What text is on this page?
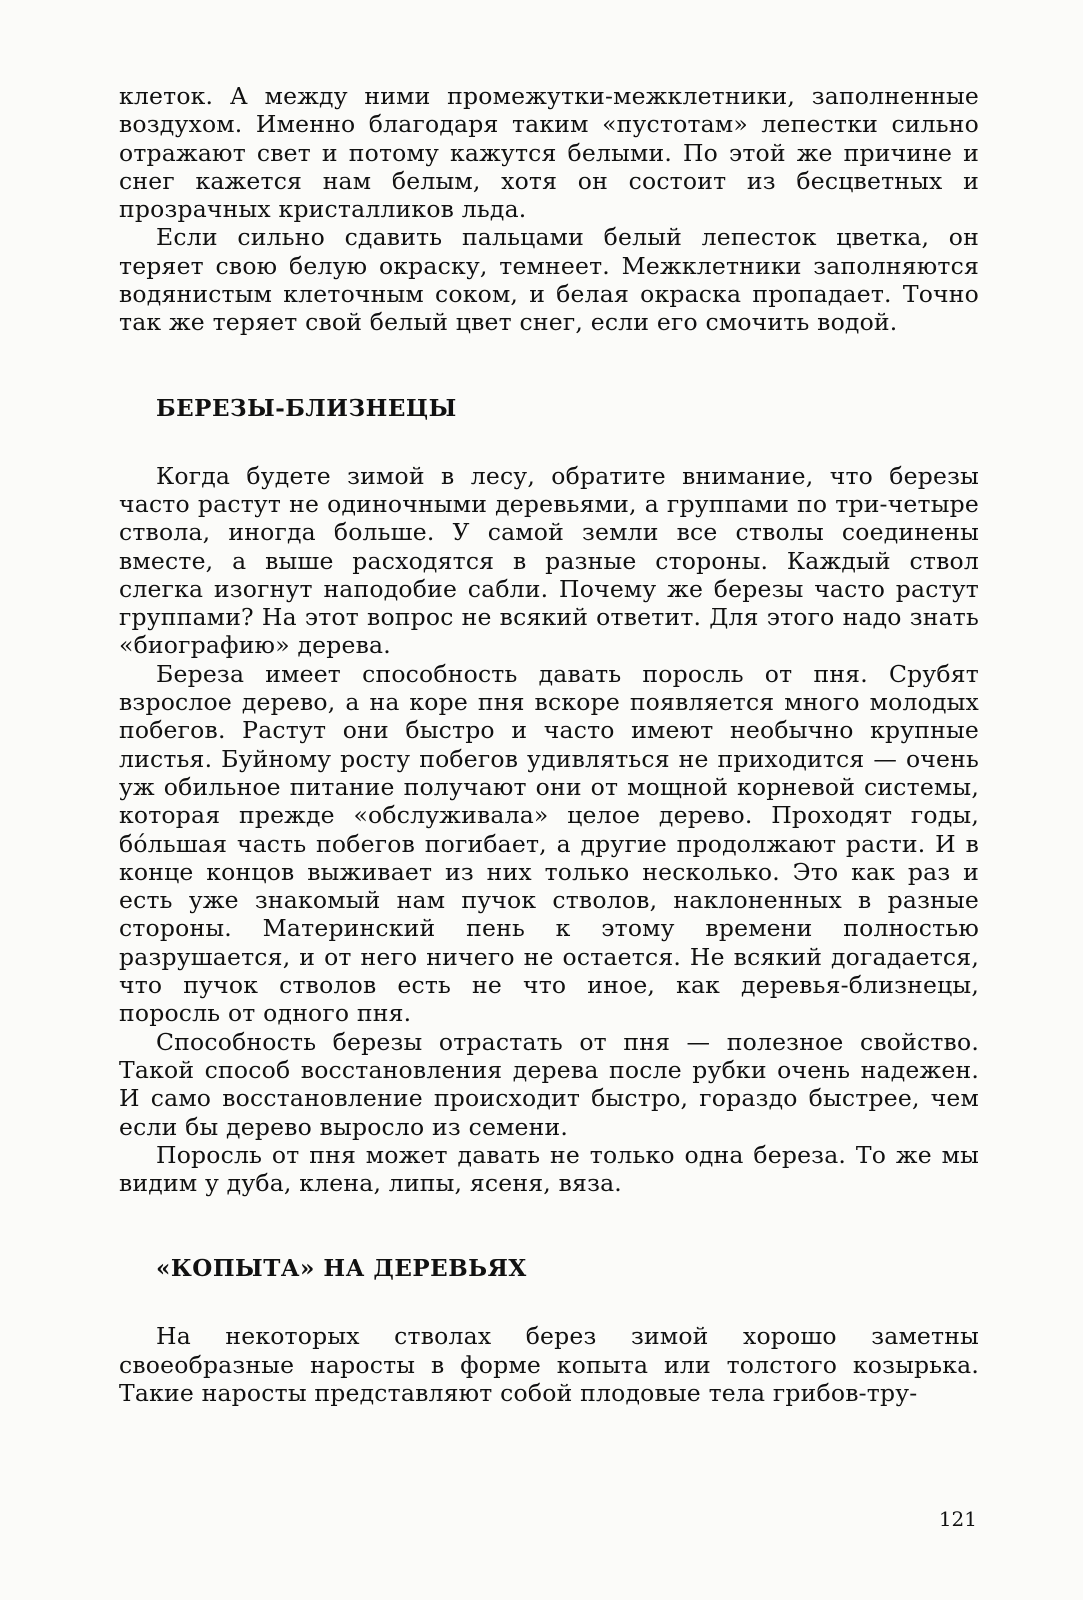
клеток. А между ними промежутки-межклетники, заполненные воздухом. Именно благодаря таким «пустотам» лепестки сильно отражают свет и потому кажутся белыми. По этой же причине и снег кажется нам белым, хотя он состоит из бесцветных и прозрачных кристалликов льда.

Если сильно сдавить пальцами белый лепесток цветка, он теряет свою белую окраску, темнеет. Межклетники заполняются водянистым клеточным соком, и белая окраска пропадает. Точно так же теряет свой белый цвет снег, если его смочить водой.

БЕРЕЗЫ-БЛИЗНЕЦЫ

Когда будете зимой в лесу, обратите внимание, что березы часто растут не одиночными деревьями, а группами по три-четыре ствола, иногда больше. У самой земли все стволы соединены вместе, а выше расходятся в разные стороны. Каждый ствол слегка изогнут наподобие сабли. Почему же березы часто растут группами? На этот вопрос не всякий ответит. Для этого надо знать «биографию» дерева.

Береза имеет способность давать поросль от пня. Срубят взрослое дерево, а на коре пня вскоре появляется много молодых побегов. Растут они быстро и часто имеют необычно крупные листья. Буйному росту побегов удивляться не приходится — очень уж обильное питание получают они от мощной корневой системы, которая прежде «обслуживала» целое дерево. Проходят годы, бóльшая часть побегов погибает, а другие продолжают расти. И в конце концов выживает из них только несколько. Это как раз и есть уже знакомый нам пучок стволов, наклоненных в разные стороны. Материнский пень к этому времени полностью разрушается, и от него ничего не остается. Не всякий догадается, что пучок стволов есть не что иное, как деревья-близнецы, поросль от одного пня.

Способность березы отрастать от пня — полезное свойство. Такой способ восстановления дерева после рубки очень надежен. И само восстановление происходит быстро, гораздо быстрее, чем если бы дерево выросло из семени.

Поросль от пня может давать не только одна береза. То же мы видим у дуба, клена, липы, ясеня, вяза.

«КОПЫТА» НА ДЕРЕВЬЯХ

На некоторых стволах берез зимой хорошо заметны своеобразные наросты в форме копыта или толстого козырька. Такие наросты представляют собой плодовые тела грибов-тру-

121
